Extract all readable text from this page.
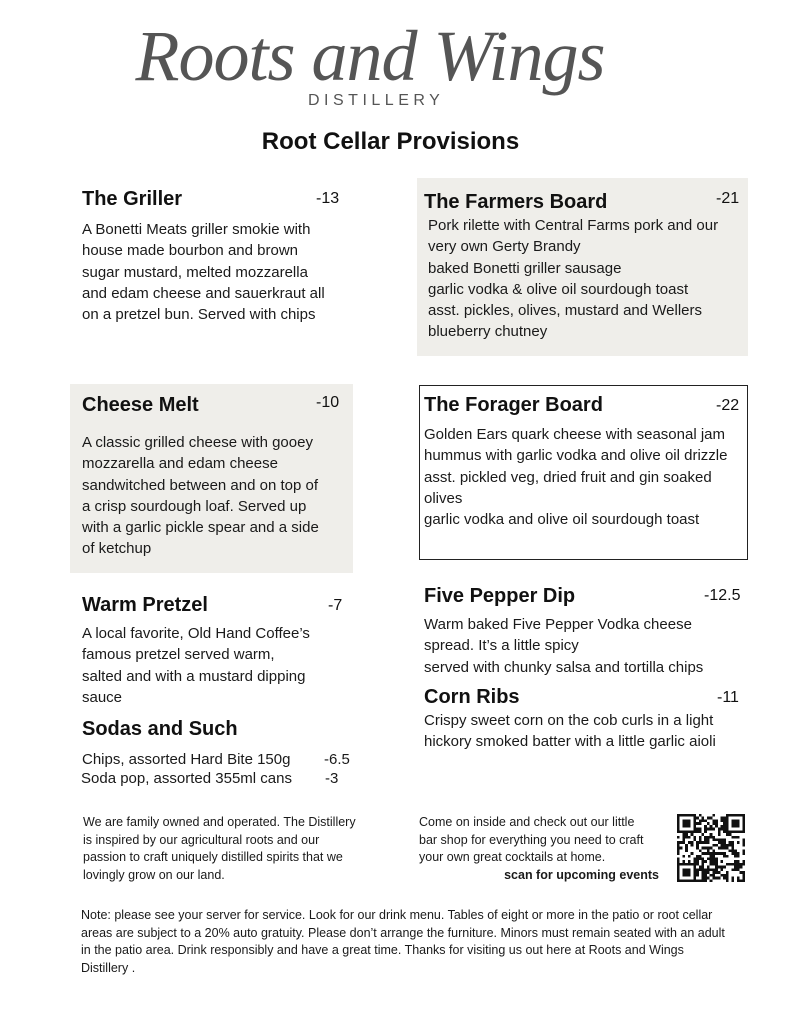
Roots and Wings
DISTILLERY
Root Cellar Provisions
The Griller	-13
A Bonetti Meats griller smokie with
house made bourbon and brown
sugar mustard, melted mozzarella
and edam cheese and sauerkraut all
on a pretzel bun. Served with chips
The Farmers Board	-21
Pork rilette with Central Farms pork and our
very own Gerty Brandy
baked Bonetti griller sausage
garlic vodka & olive oil sourdough toast
asst. pickles, olives, mustard and Wellers
blueberry chutney
Cheese Melt	-10
A classic grilled cheese with gooey
mozzarella and edam cheese
sandwitched between and on top of
a crisp sourdough loaf. Served up
with a garlic pickle spear and a side
of ketchup
The Forager Board	-22
Golden Ears quark cheese with seasonal jam
hummus with garlic vodka and olive oil drizzle
asst. pickled veg, dried fruit and gin soaked
olives
garlic vodka and olive oil sourdough toast
Warm Pretzel	-7
A local favorite, Old Hand Coffee’s
famous pretzel served warm,
salted and with a mustard dipping
sauce
Five Pepper Dip	-12.5
Warm baked Five Pepper Vodka cheese
spread. It’s a little spicy
served with chunky salsa and tortilla chips
Corn Ribs	-11
Crispy sweet corn on the cob curls in a light
hickory smoked batter with a little garlic aioli
Sodas and Such
Chips, assorted Hard Bite 150g -6.5
Soda pop, assorted 355ml cans -3
We are family owned and operated. The Distillery
is inspired by our agricultural roots and our
passion to craft uniquely distilled spirits that we
lovingly grow on our land.
Come on inside and check out our little
bar shop for everything you need to craft
your own great cocktails at home.
scan for upcoming events
Note: please see your server for service. Look for our drink menu. Tables of eight or more in the patio or root cellar
areas are subject to a 20% auto gratuity. Please don’t arrange the furniture. Minors must remain seated with an adult
in the patio area. Drink responsibly and have a great time. Thanks for visiting us out here at Roots and Wings
Distillery .
